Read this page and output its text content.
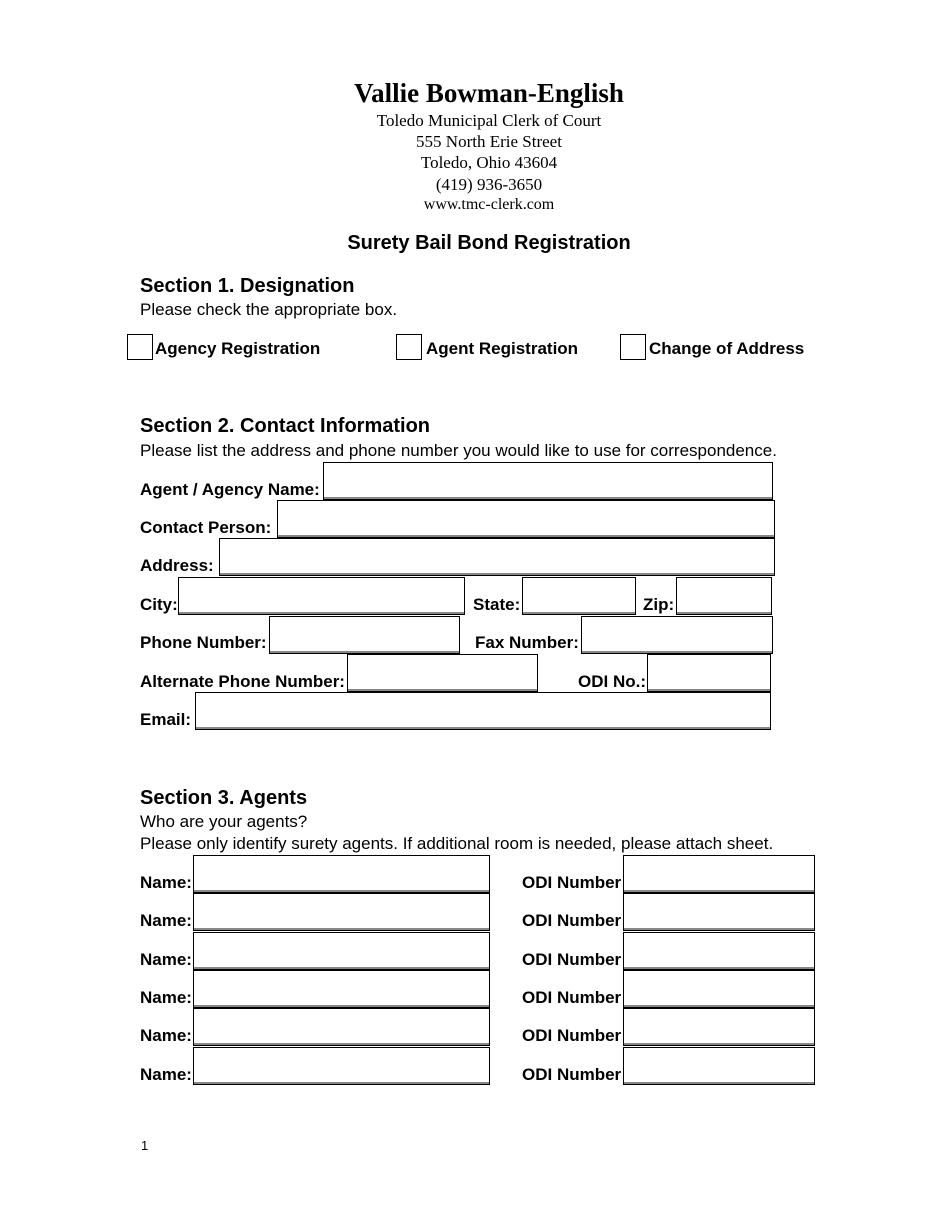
Vallie Bowman-English
Toledo Municipal Clerk of Court
555 North Erie Street
Toledo, Ohio 43604
(419) 936-3650
www.tmc-clerk.com
Surety Bail Bond Registration
Section 1. Designation
Please check the appropriate box.
Agency Registration	Agent Registration	Change of Address
Section 2. Contact Information
Please list the address and phone number you would like to use for correspondence.
Agent / Agency Name:
Contact Person:
Address:
City:	State:	Zip:
Phone Number:	Fax Number:
Alternate Phone Number:	ODI No.:
Email:
Section 3. Agents
Who are your agents?
Please only identify surety agents. If additional room is needed, please attach sheet.
Name:	ODI Number
Name:	ODI Number
Name:	ODI Number
Name:	ODI Number
Name:	ODI Number
Name:	ODI Number
1
